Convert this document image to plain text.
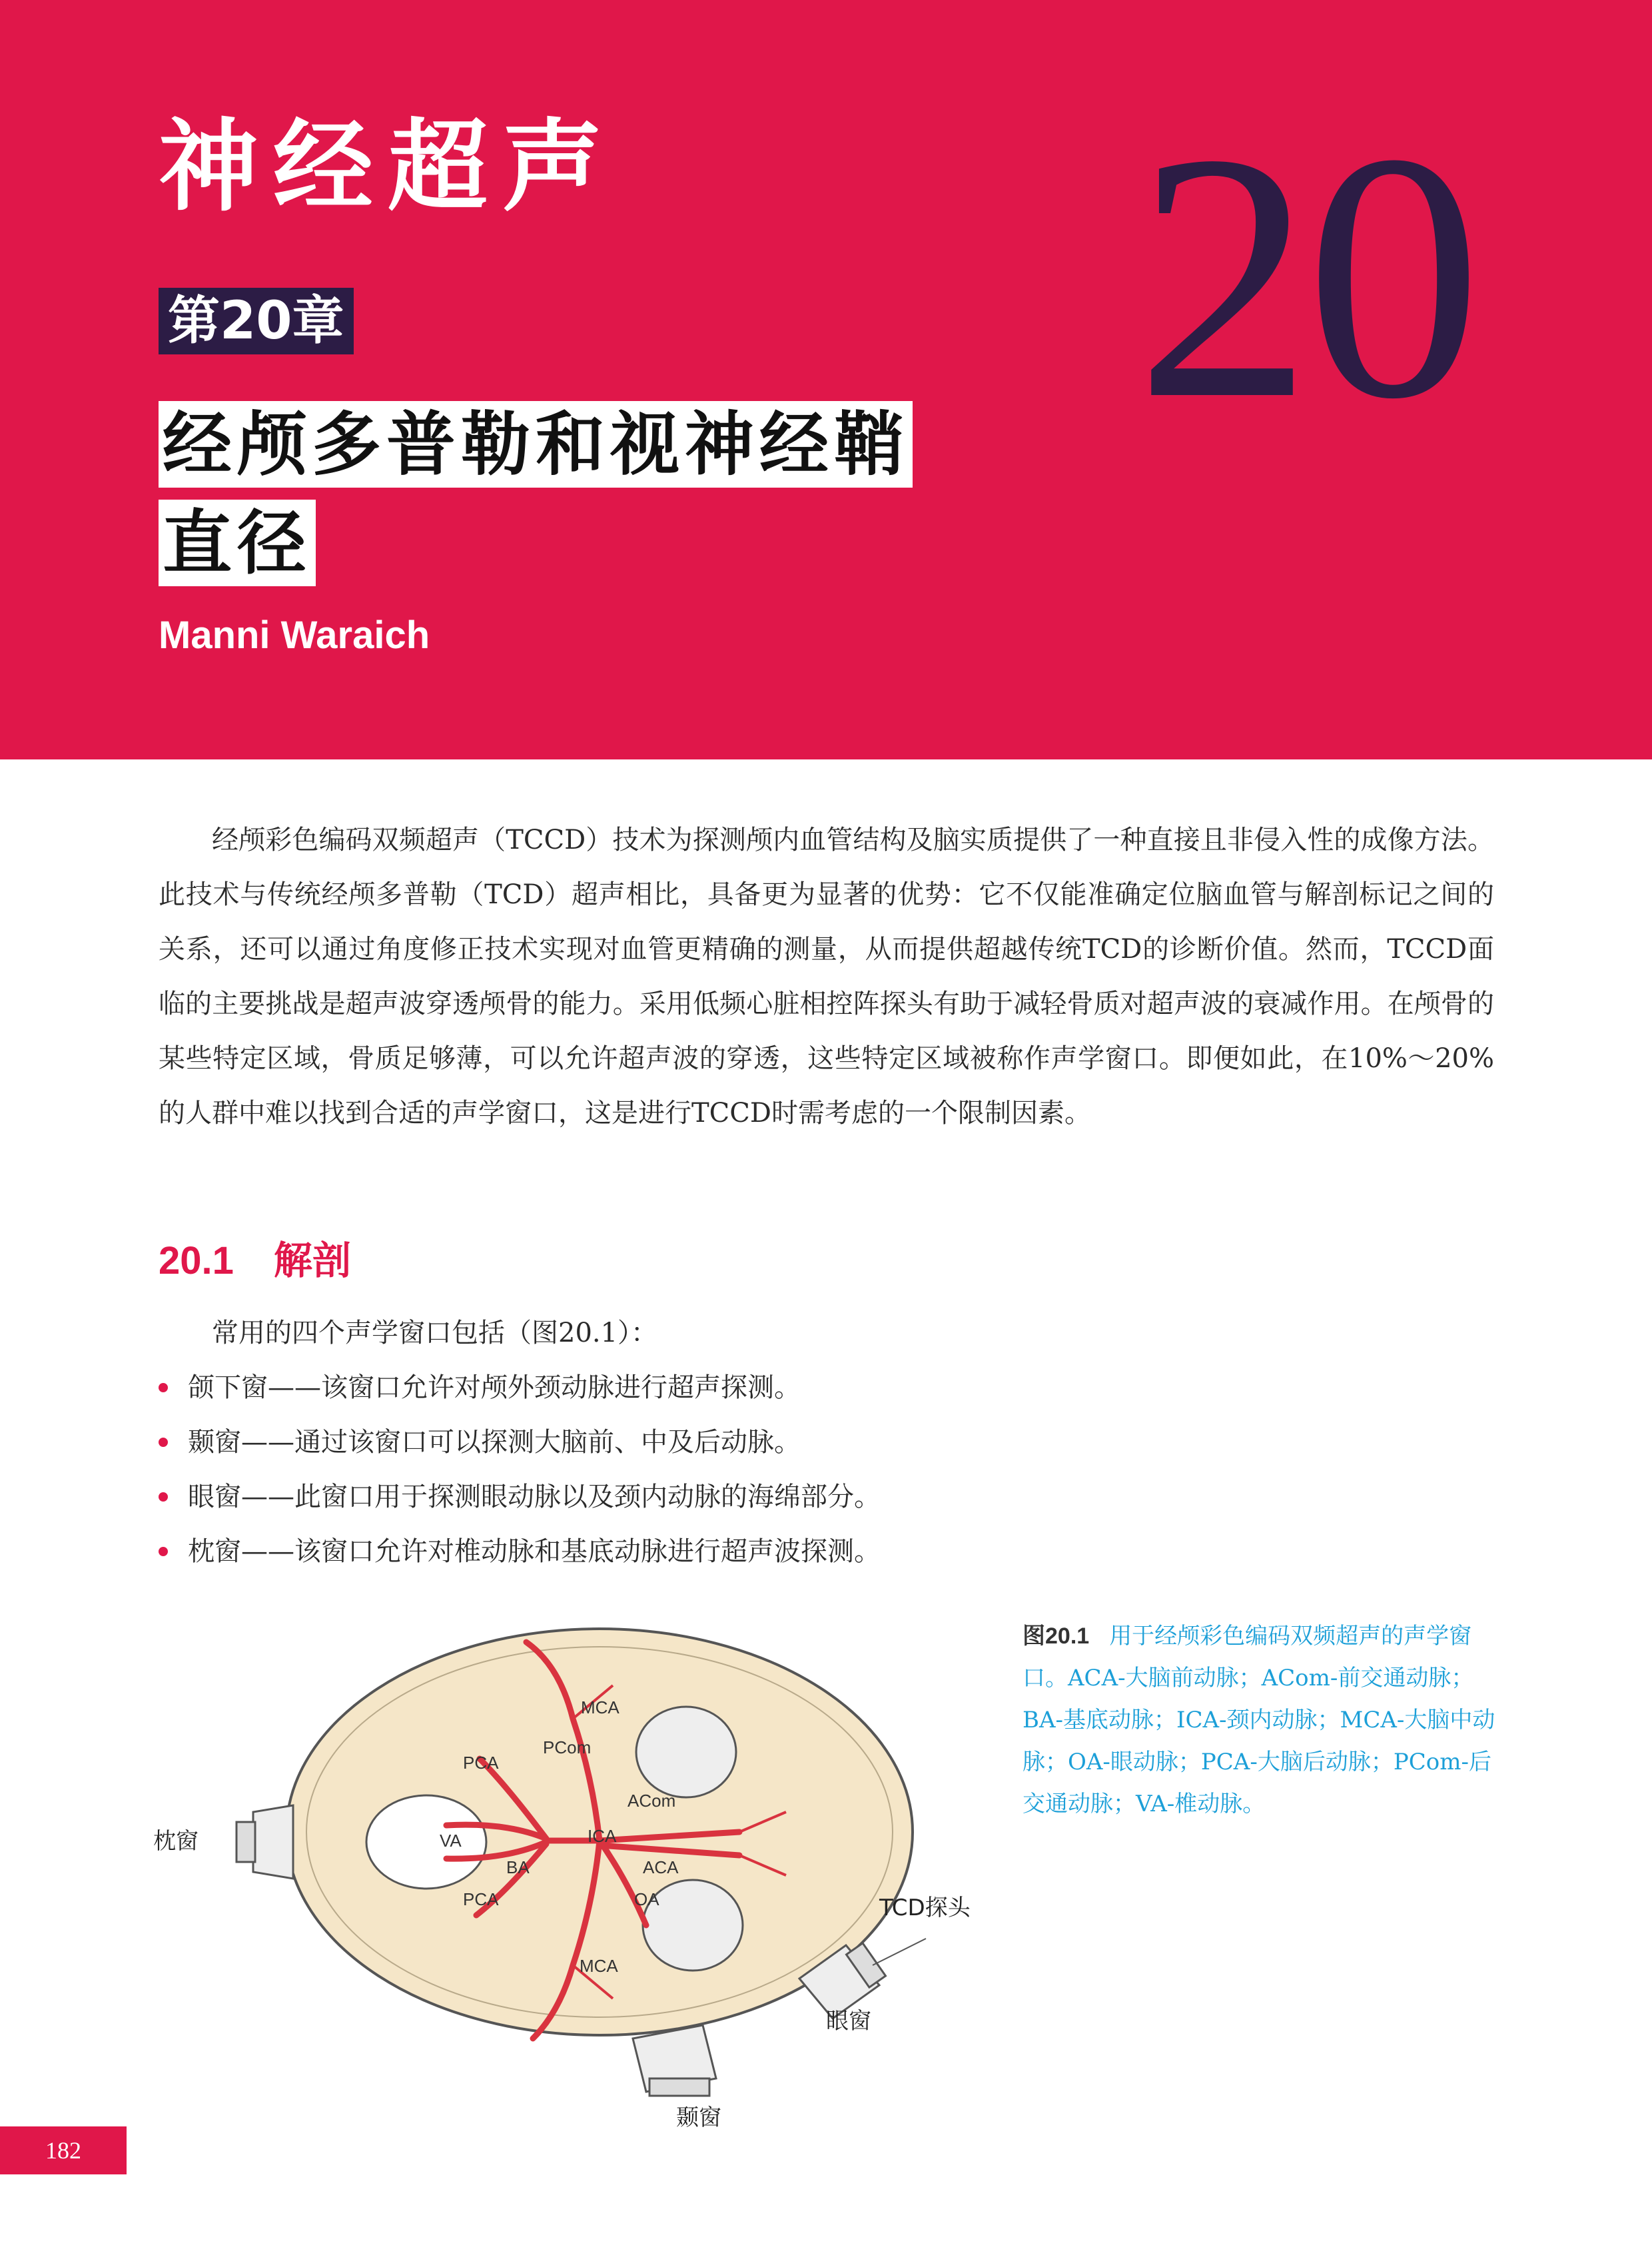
神经超声
第20章 20
经颅多普勒和视神经鞘
直径
Manni Waraich

经颅彩色编码双频超声（TCCD）技术为探测颅内血管结构及脑实质提供了一种直接且非侵入性的成像方法。此技术与传统经颅多普勒（TCD）超声相比，具备更为显著的优势：它不仅能准确定位脑血管与解剖标记之间的关系，还可以通过角度修正技术实现对血管更精确的测量，从而提供超越传统TCD的诊断价值。然而，TCCD面临的主要挑战是超声波穿透颅骨的能力。采用低频心脏相控阵探头有助于减轻骨质对超声波的衰减作用。在颅骨的某些特定区域，骨质足够薄，可以允许超声波的穿透，这些特定区域被称作声学窗口。即便如此，在10%～20%的人群中难以找到合适的声学窗口，这是进行TCCD时需考虑的一个限制因素。

20.1 解剖
常用的四个声学窗口包括（图20.1）：
颌下窗——该窗口允许对颅外颈动脉进行超声探测。
颞窗——通过该窗口可以探测大脑前、中及后动脉。
眼窗——此窗口用于探测眼动脉以及颈内动脉的海绵部分。
枕窗——该窗口允许对椎动脉和基底动脉进行超声波探测。
MCA
PCom
PCA
ACom
VA	ICA
BA	ACA
PCA	OA
MCA
枕窗
TCD探头
眼窗
颞窗
图20.1 用于经颅彩色编码双频超声的声学窗口。ACA-大脑前动脉；ACom-前交通动脉；BA-基底动脉；ICA-颈内动脉；MCA-大脑中动脉；OA-眼动脉；PCA-大脑后动脉；PCom-后交通动脉；VA-椎动脉。
182
